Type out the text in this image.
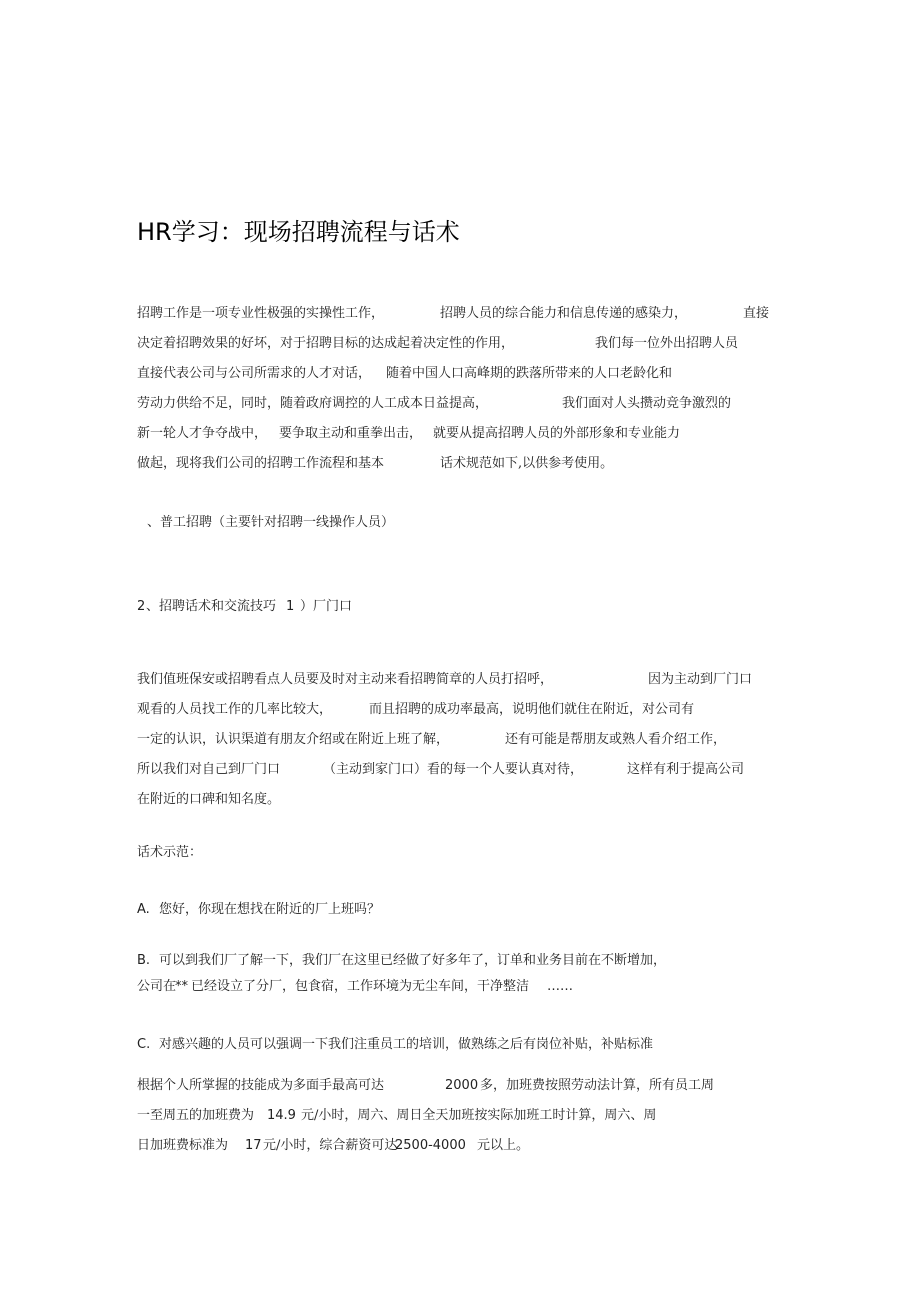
HR学习：现场招聘流程与话术
招聘工作是一项专业性极强的实操性工作，	招聘人员的综合能力和信息传递的感染力，	直接
决定着招聘效果的好坏，对于招聘目标的达成起着决定性的作用，	我们每一位外出招聘人员
直接代表公司与公司所需求的人才对话， 随着中国人口高峰期的跌落所带来的人口老龄化和
劳动力供给不足，同时，随着政府调控的人工成本日益提高，	我们面对人头攒动竞争激烈的
新一轮人才争夺战中， 要争取主动和重拳出击， 就要从提高招聘人员的外部形象和专业能力
做起，现将我们公司的招聘工作流程和基本	话术规范如下,以供参考使用。
、普工招聘（主要针对招聘一线操作人员）
2 、招聘话术和交流技巧 1 ）厂门口
我们值班保安或招聘看点人员要及时对主动来看招聘简章的人员打招呼，	因为主动到厂门口
观看的人员找工作的几率比较大，	而且招聘的成功率最高，说明他们就住在附近，对公司有
一定的认识，认识渠道有朋友介绍或在附近上班了解，	还有可能是帮朋友或熟人看介绍工作，
所以我们对自己到厂门口	（主动到家门口）看的每一个人要认真对待，	这样有利于提高公司
在附近的口碑和知名度。
话术示范：
A. 您好，你现在想找在附近的厂上班吗？
B. 可以到我们厂了解一下，我们厂在这里已经做了好多年了，订单和业务目前在不断增加，
公司在
** 已经设立了分厂，包食宿，工作环境为无尘车间，干净整洁 ……
C. 对感兴趣的人员可以强调一下我们注重员工的培训，做熟练之后有岗位补贴，补贴标准
根据个人所掌握的技能成为多面手最高可达	2000 多，加班费按照劳动法计算，所有员工周
一至周五的加班费为 14.9 元/小时，周六、周日全天加班按实际加班工时计算，周六、周
日加班费标准为 17 元/小时，综合薪资可达
2500-4000 元以上。
